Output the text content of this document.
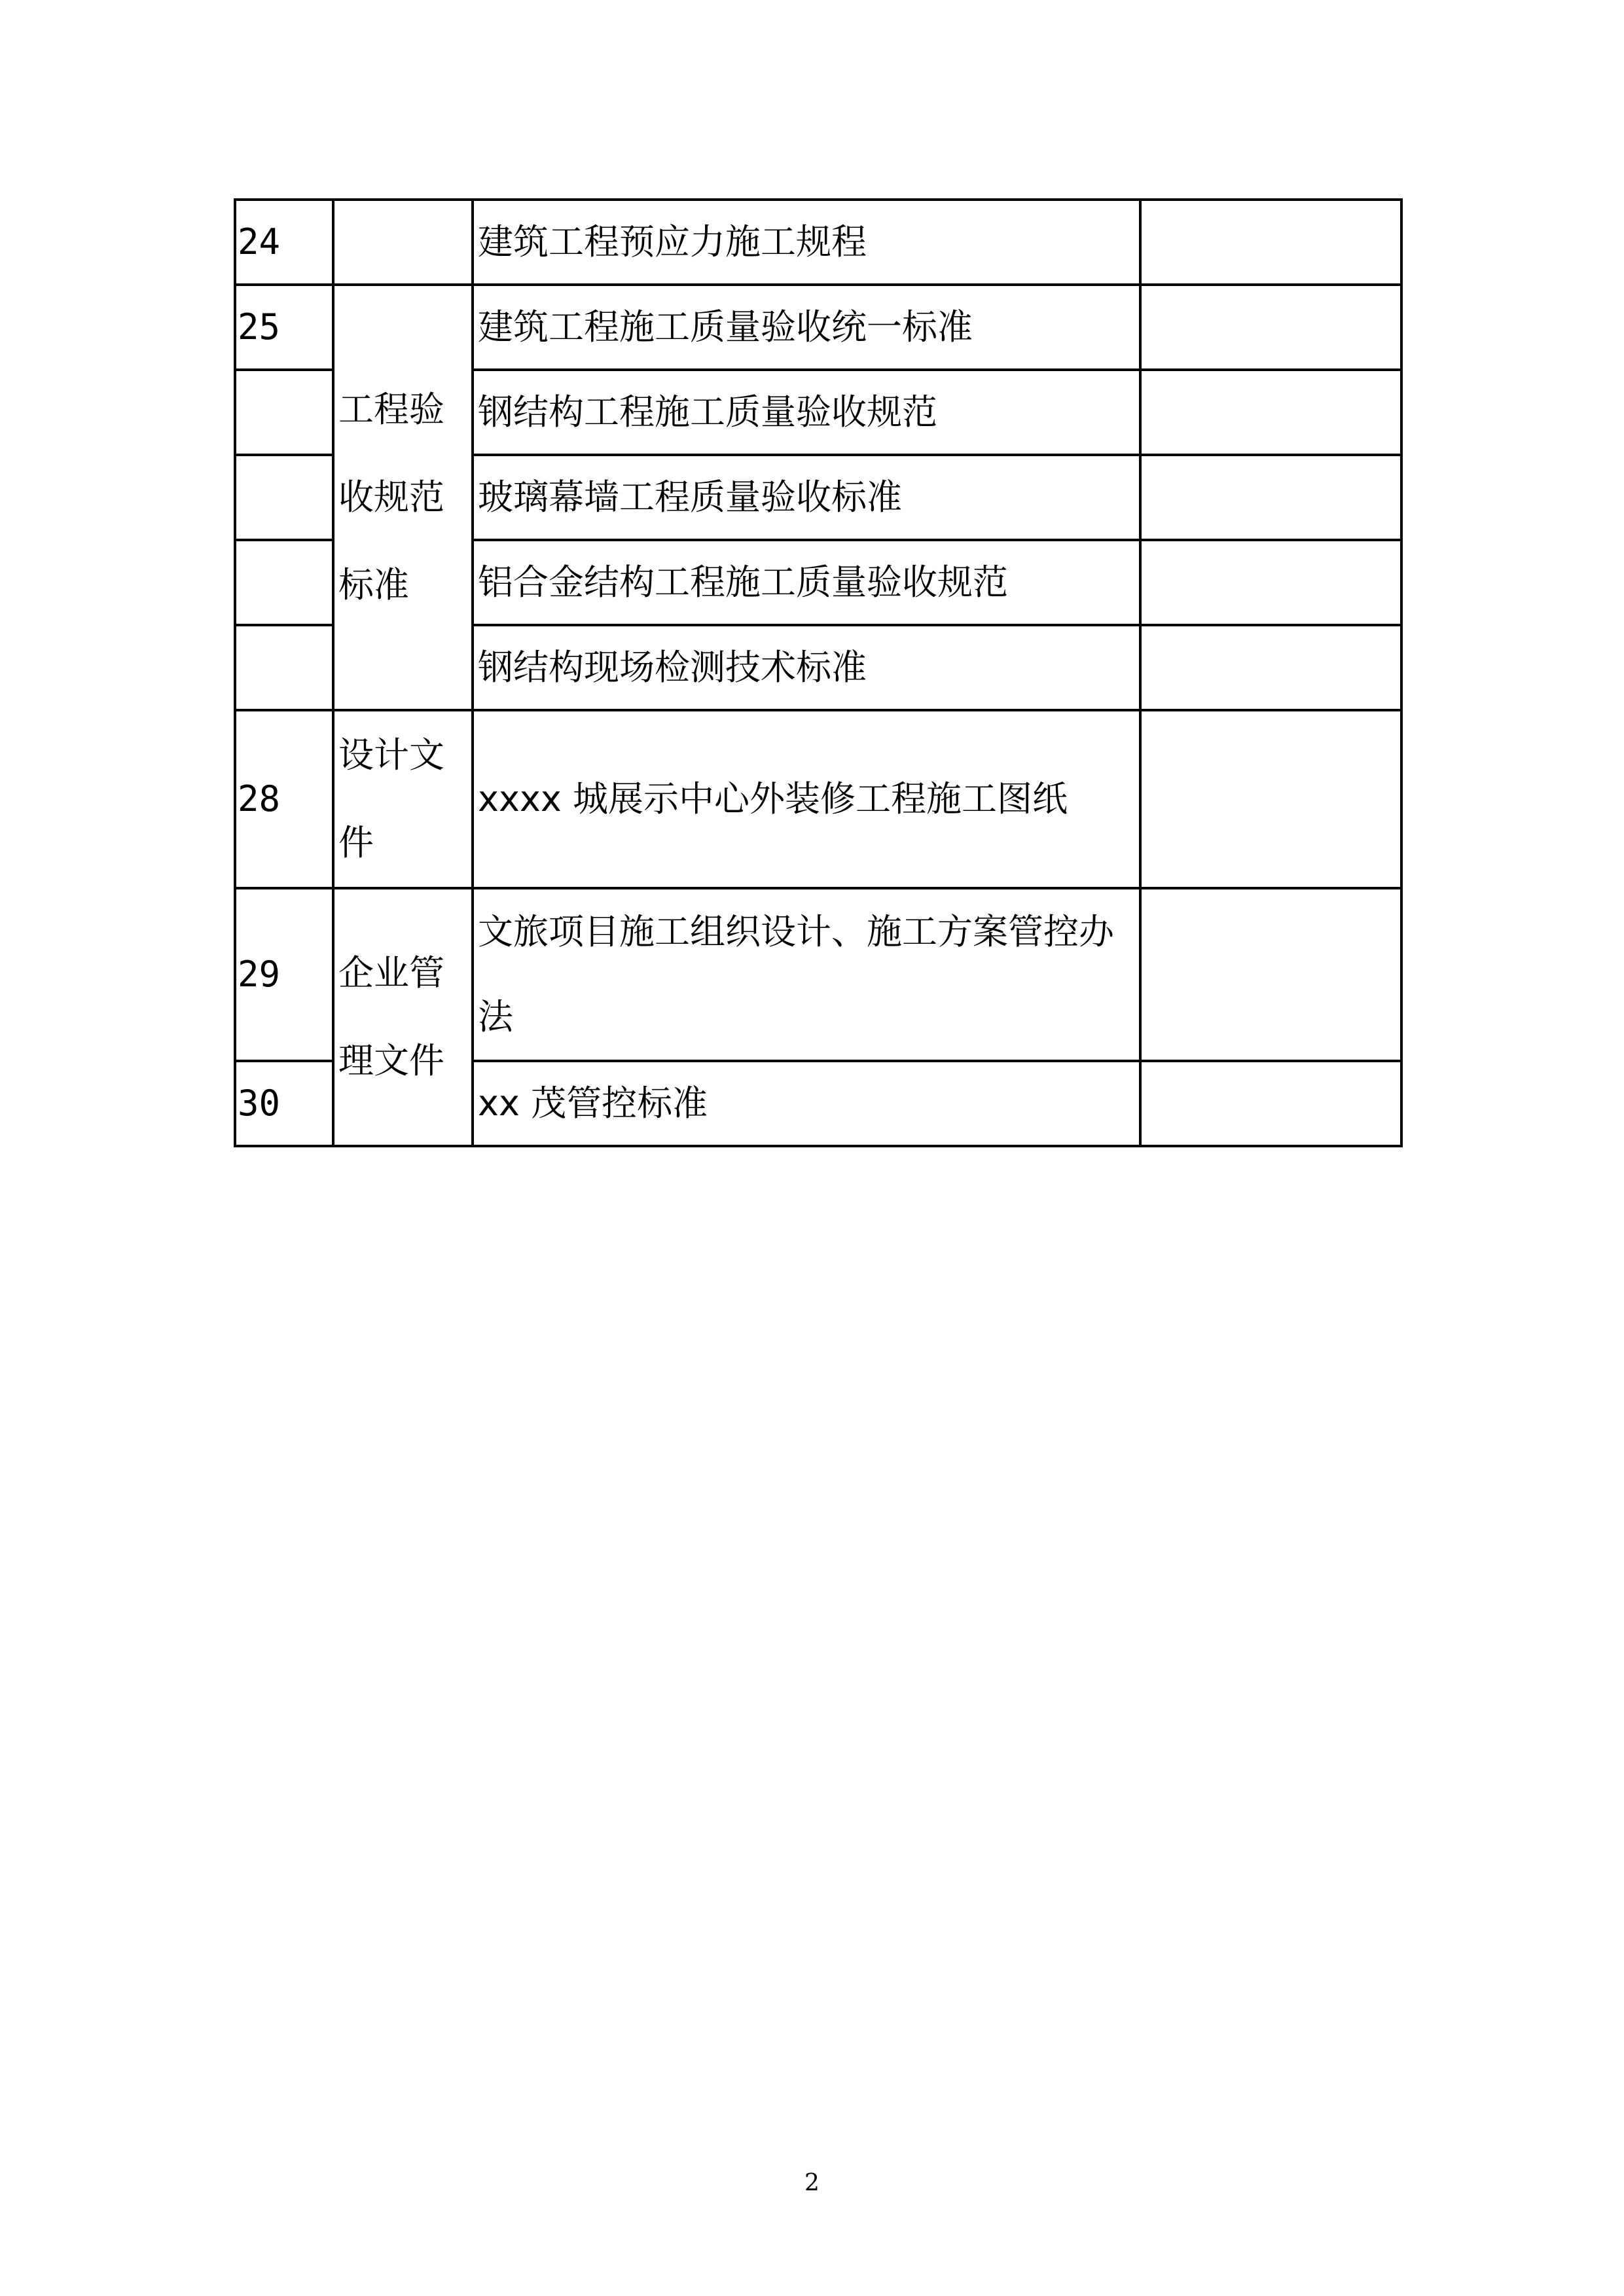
24		建筑工程预应力施工规程	
25	工程验收规范标准	建筑工程施工质量验收统一标准	
		钢结构工程施工质量验收规范	
		玻璃幕墙工程质量验收标准	
		铝合金结构工程施工质量验收规范	
		钢结构现场检测技术标准	
28	设计文件	xxxx 城展示中心外装修工程施工图纸	
29	企业管理文件	文旅项目施工组织设计、施工方案管控办法	
30		xx 茂管控标准	
2
